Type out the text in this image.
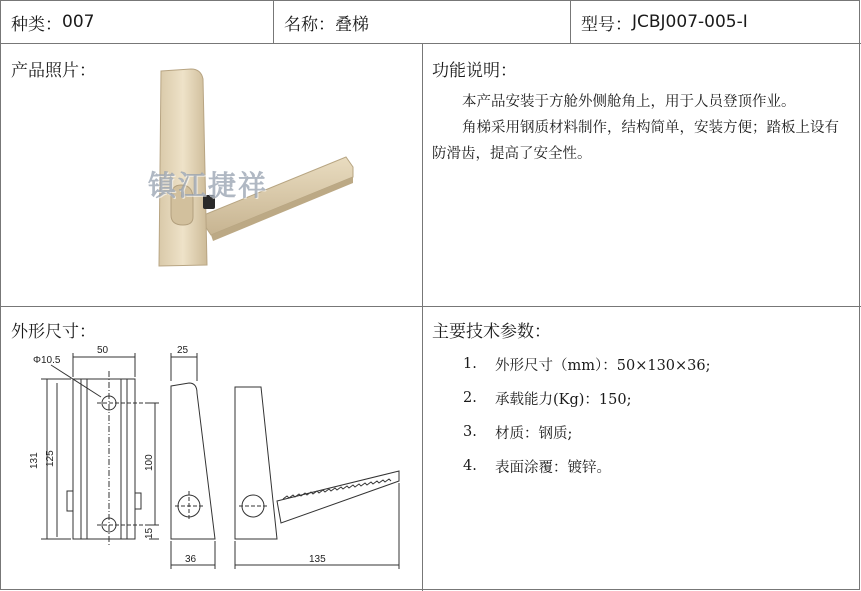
种类： 007	名称： 叠梯	型号： JCBJ007-005-Ⅰ
产品照片：
镇江捷祥
功能说明：

本产品安装于方舱外侧舱角上，用于人员登顶作业。

角梯采用钢质材料制作，结构简单，安装方便；踏板上设有防滑齿，提高了安全性。

外形尺寸：
Φ10.5
50	25
131 125	100
15
36	135
主要技术参数：
1.	外形尺寸（mm）：50×130×36;
2.	承载能力(Kg)：150;
3.	材质：钢质;
4.	表面涂覆：镀锌。
